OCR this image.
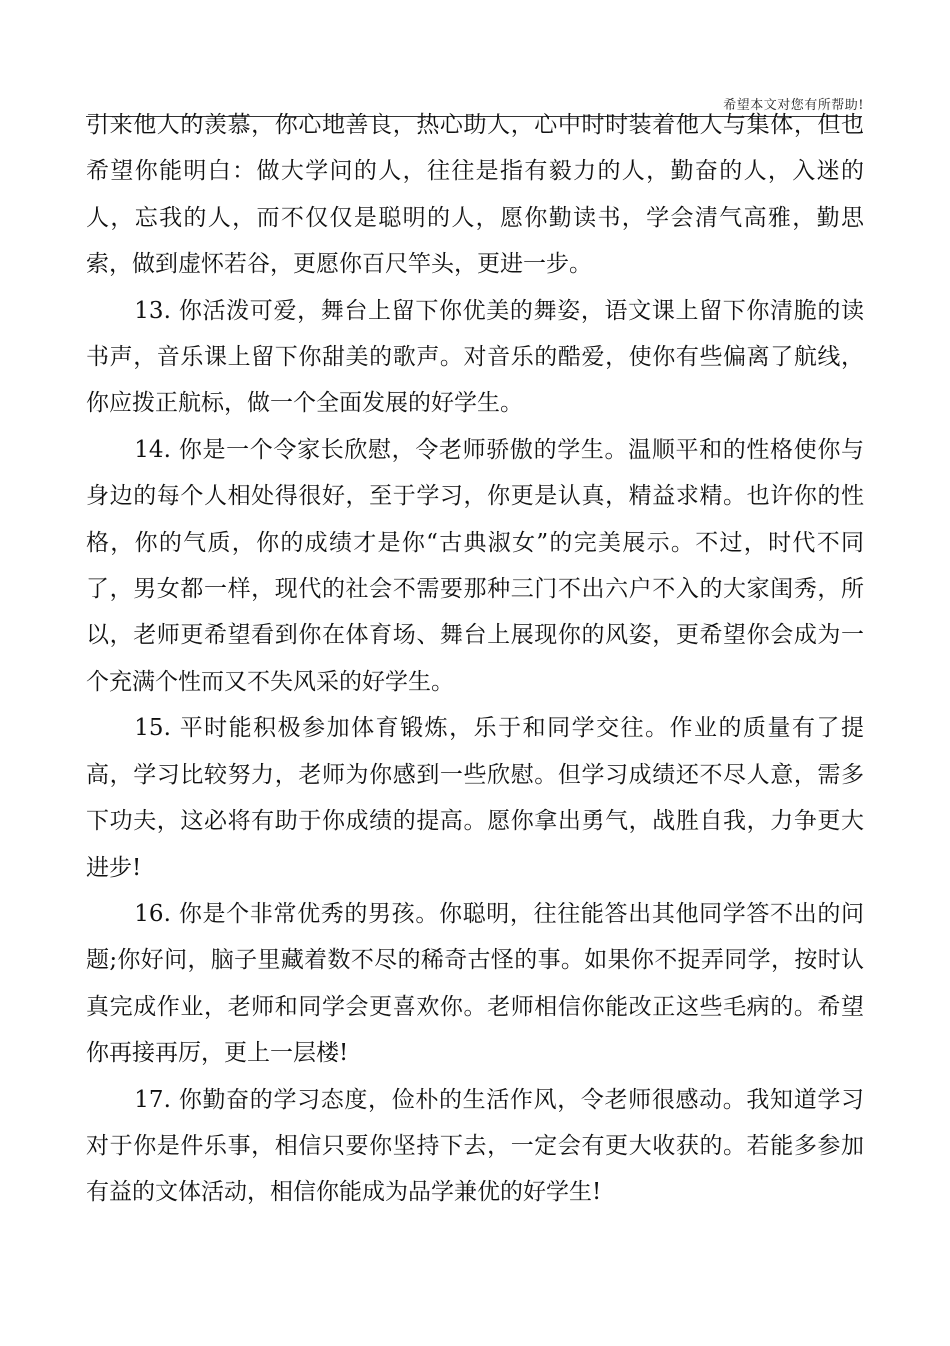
希望本文对您有所帮助!

引来他人的羡慕，你心地善良，热心助人，心中时时装着他人与集体，但也希望你能明白：做大学问的人，往往是指有毅力的人，勤奋的人，入迷的人，忘我的人，而不仅仅是聪明的人，愿你勤读书，学会清气高雅，勤思索，做到虚怀若谷，更愿你百尺竿头，更进一步。

13. 你活泼可爱，舞台上留下你优美的舞姿，语文课上留下你清脆的读书声，音乐课上留下你甜美的歌声。对音乐的酷爱，使你有些偏离了航线，你应拨正航标，做一个全面发展的好学生。

14. 你是一个令家长欣慰，令老师骄傲的学生。温顺平和的性格使你与身边的每个人相处得很好，至于学习，你更是认真，精益求精。也许你的性格，你的气质，你的成绩才是你“古典淑女”的完美展示。不过，时代不同了，男女都一样，现代的社会不需要那种三门不出六户不入的大家闺秀，所以，老师更希望看到你在体育场、舞台上展现你的风姿，更希望你会成为一个充满个性而又不失风采的好学生。

15. 平时能积极参加体育锻炼，乐于和同学交往。作业的质量有了提高，学习比较努力，老师为你感到一些欣慰。但学习成绩还不尽人意，需多下功夫，这必将有助于你成绩的提高。愿你拿出勇气，战胜自我，力争更大进步!

16. 你是个非常优秀的男孩。你聪明，往往能答出其他同学答不出的问题;你好问，脑子里藏着数不尽的稀奇古怪的事。如果你不捉弄同学，按时认真完成作业，老师和同学会更喜欢你。老师相信你能改正这些毛病的。希望你再接再厉，更上一层楼!

17. 你勤奋的学习态度，俭朴的生活作风，令老师很感动。我知道学习对于你是件乐事，相信只要你坚持下去，一定会有更大收获的。若能多参加有益的文体活动，相信你能成为品学兼优的好学生!
